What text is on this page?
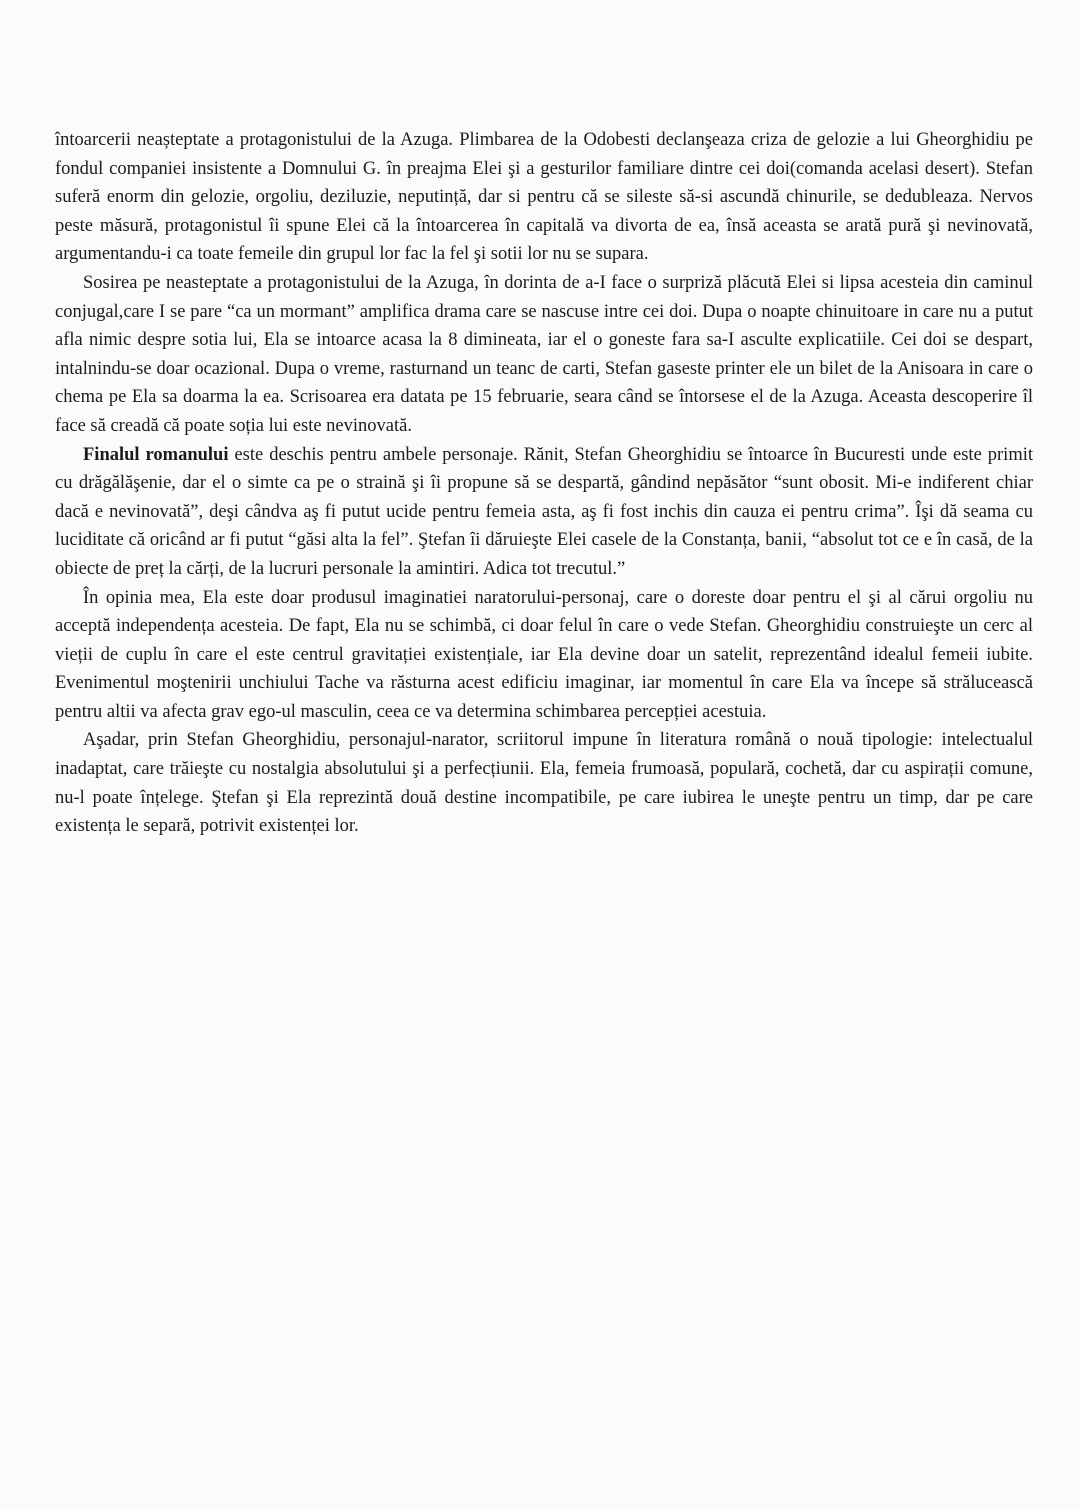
întoarcerii neașteptate a protagonistului de la Azuga. Plimbarea de la Odobesti declanşeaza criza de gelozie a lui Gheorghidiu pe fondul companiei insistente a Domnului G. în preajma Elei şi a gesturilor familiare dintre cei doi(comanda acelasi desert). Stefan suferă enorm din gelozie, orgoliu, deziluzie, neputință, dar si pentru că se sileste să-si ascundă chinurile, se dedubleaza. Nervos peste măsură, protagonistul îi spune Elei că la întoarcerea în capitală va divorta de ea, însă aceasta se arată pură şi nevinovată, argumentandu-i ca toate femeile din grupul lor fac la fel şi sotii lor nu se supara.

Sosirea pe neasteptate a protagonistului de la Azuga, în dorinta de a-I face o surpriză plăcută Elei si lipsa acesteia din caminul conjugal,care I se pare “ca un mormant” amplifica drama care se nascuse intre cei doi. Dupa o noapte chinuitoare in care nu a putut afla nimic despre sotia lui, Ela se intoarce acasa la 8 dimineata, iar el o goneste fara sa-I asculte explicatiile. Cei doi se despart, intalnindu-se doar ocazional. Dupa o vreme, rasturnand un teanc de carti, Stefan gaseste printer ele un bilet de la Anisoara in care o chema pe Ela sa doarma la ea. Scrisoarea era datata pe 15 februarie, seara când se întorsese el de la Azuga. Aceasta descoperire îl face să creadă că poate soția lui este nevinovată.

Finalul romanului este deschis pentru ambele personaje. Rănit, Stefan Gheorghidiu se întoarce în Bucuresti unde este primit cu drăgălăşenie, dar el o simte ca pe o straină şi îi propune să se despartă, gândind nepăsător “sunt obosit. Mi-e indiferent chiar dacă e nevinovată”, deşi cândva aş fi putut ucide pentru femeia asta, aş fi fost inchis din cauza ei pentru crima”. Îşi dă seama cu luciditate că oricând ar fi putut “găsi alta la fel”. Ştefan îi dăruieşte Elei casele de la Constanța, banii, “absolut tot ce e în casă, de la obiecte de preț la cărți, de la lucruri personale la amintiri. Adica tot trecutul.”

În opinia mea, Ela este doar produsul imaginatiei naratorului-personaj, care o doreste doar pentru el şi al cărui orgoliu nu acceptă independența acesteia. De fapt, Ela nu se schimbă, ci doar felul în care o vede Stefan. Gheorghidiu construieşte un cerc al vieții de cuplu în care el este centrul gravitației existențiale, iar Ela devine doar un satelit, reprezentând idealul femeii iubite. Evenimentul moştenirii unchiului Tache va răsturna acest edificiu imaginar, iar momentul în care Ela va începe să strălucească pentru altii va afecta grav ego-ul masculin, ceea ce va determina schimbarea percepției acestuia.

Aşadar, prin Stefan Gheorghidiu, personajul-narator, scriitorul impune în literatura română o nouă tipologie: intelectualul inadaptat, care trăieşte cu nostalgia absolutului şi a perfecțiunii. Ela, femeia frumoasă, populară, cochetă, dar cu aspirații comune, nu-l poate înțelege. Ştefan şi Ela reprezintă două destine incompatibile, pe care iubirea le uneşte pentru un timp, dar pe care existența le separă, potrivit existenței lor.
